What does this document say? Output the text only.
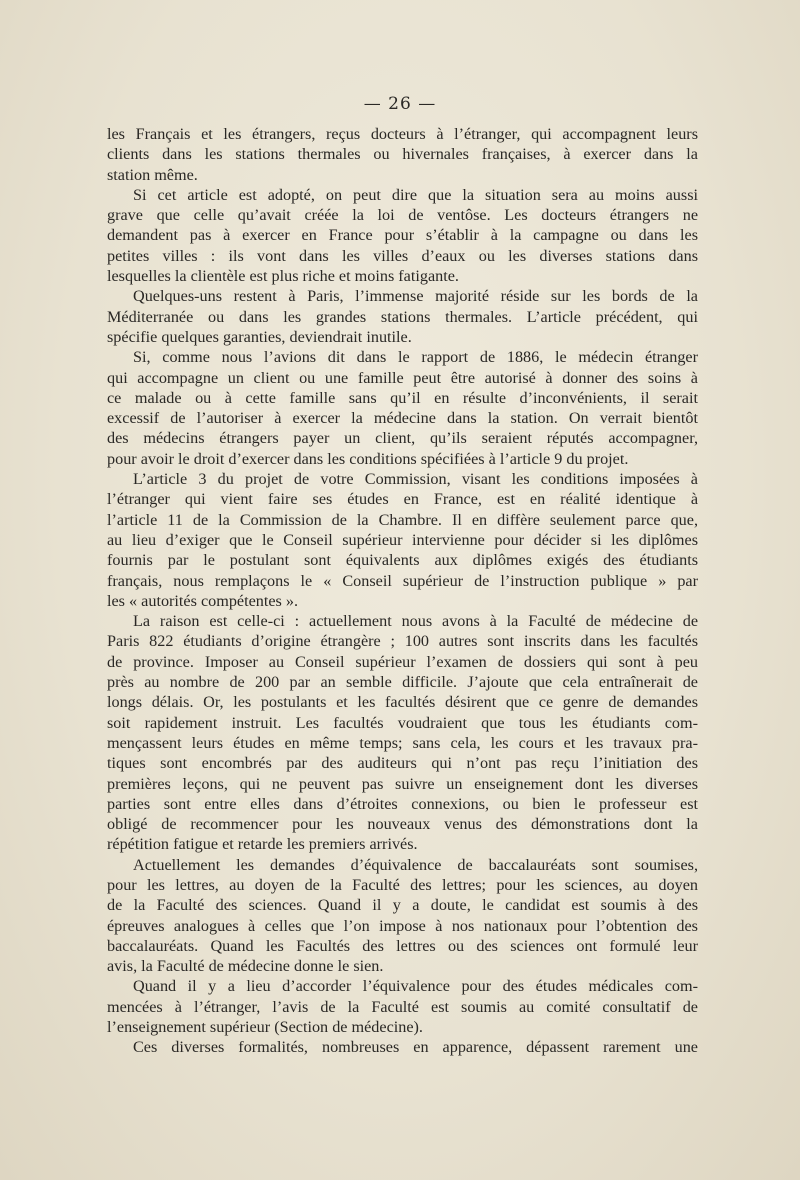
— 26 —
les Français et les étrangers, reçus docteurs à l’étranger, qui accompagnent leurs
clients dans les stations thermales ou hivernales françaises, à exercer dans la
station même.
Si cet article est adopté, on peut dire que la situation sera au moins aussi
grave que celle qu’avait créée la loi de ventôse. Les docteurs étrangers ne
demandent pas à exercer en France pour s’établir à la campagne ou dans les
petites villes : ils vont dans les villes d’eaux ou les diverses stations dans
lesquelles la clientèle est plus riche et moins fatigante.
Quelques-uns restent à Paris, l’immense majorité réside sur les bords de la
Méditerranée ou dans les grandes stations thermales. L’article précédent, qui
spécifie quelques garanties, deviendrait inutile.
Si, comme nous l’avions dit dans le rapport de 1886, le médecin étranger
qui accompagne un client ou une famille peut être autorisé à donner des soins à
ce malade ou à cette famille sans qu’il en résulte d’inconvénients, il serait
excessif de l’autoriser à exercer la médecine dans la station. On verrait bientôt
des médecins étrangers payer un client, qu’ils seraient réputés accompagner,
pour avoir le droit d’exercer dans les conditions spécifiées à l’article 9 du projet.
L’article 3 du projet de votre Commission, visant les conditions imposées à
l’étranger qui vient faire ses études en France, est en réalité identique à
l’article 11 de la Commission de la Chambre. Il en diffère seulement parce que,
au lieu d’exiger que le Conseil supérieur intervienne pour décider si les diplômes
fournis par le postulant sont équivalents aux diplômes exigés des étudiants
français, nous remplaçons le « Conseil supérieur de l’instruction publique » par
les « autorités compétentes ».
La raison est celle-ci : actuellement nous avons à la Faculté de médecine de
Paris 822 étudiants d’origine étrangère ; 100 autres sont inscrits dans les facultés
de province. Imposer au Conseil supérieur l’examen de dossiers qui sont à peu
près au nombre de 200 par an semble difficile. J’ajoute que cela entraînerait de
longs délais. Or, les postulants et les facultés désirent que ce genre de demandes
soit rapidement instruit. Les facultés voudraient que tous les étudiants com-
mençassent leurs études en même temps; sans cela, les cours et les travaux pra-
tiques sont encombrés par des auditeurs qui n’ont pas reçu l’initiation des
premières leçons, qui ne peuvent pas suivre un enseignement dont les diverses
parties sont entre elles dans d’étroites connexions, ou bien le professeur est
obligé de recommencer pour les nouveaux venus des démonstrations dont la
répétition fatigue et retarde les premiers arrivés.
Actuellement les demandes d’équivalence de baccalauréats sont soumises,
pour les lettres, au doyen de la Faculté des lettres; pour les sciences, au doyen
de la Faculté des sciences. Quand il y a doute, le candidat est soumis à des
épreuves analogues à celles que l’on impose à nos nationaux pour l’obtention des
baccalauréats. Quand les Facultés des lettres ou des sciences ont formulé leur
avis, la Faculté de médecine donne le sien.
Quand il y a lieu d’accorder l’équivalence pour des études médicales com-
mencées à l’étranger, l’avis de la Faculté est soumis au comité consultatif de
l’enseignement supérieur (Section de médecine).
Ces diverses formalités, nombreuses en apparence, dépassent rarement une
